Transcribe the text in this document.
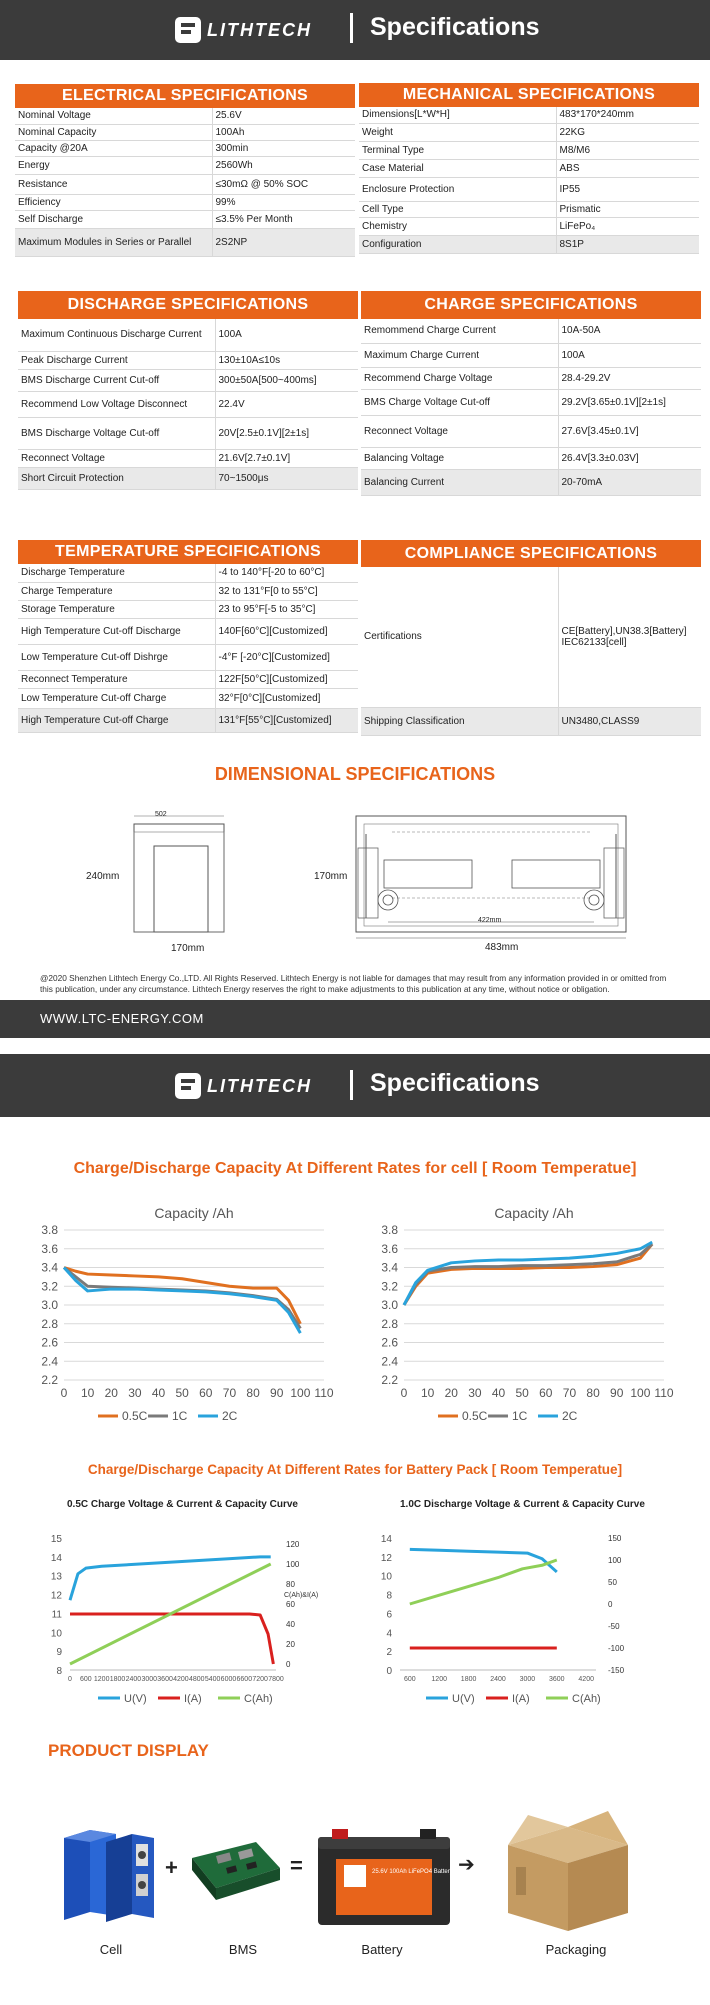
LITHTECH Specifications
ELECTRICAL SPECIFICATIONS
Nominal Voltage	25.6V
Nominal Capacity	100Ah
Capacity @20A	300min
Energy	2560Wh
Resistance	≤30mΩ @ 50% SOC
Efficiency	99%
Self Discharge	≤3.5% Per Month
Maximum Modules in Series or Parallel	2S2NP
MECHANICAL SPECIFICATIONS
Dimensions[L*W*H]	483*170*240mm
Weight	22KG
Terminal Type	M8/M6
Case Material	ABS
Enclosure Protection	IP55
Cell Type	Prismatic
Chemistry	LiFePo₄
Configuration	8S1P
DISCHARGE SPECIFICATIONS
Maximum Continuous Discharge Current	100A
Peak Discharge Current	130±10A≤10s
BMS Discharge Current Cut-off	300±50A[500~400ms]
Recommend Low Voltage Disconnect	22.4V
BMS Discharge Voltage Cut-off	20V[2.5±0.1V][2±1s]
Reconnect Voltage	21.6V[2.7±0.1V]
Short Circuit Protection	70~1500μs
CHARGE SPECIFICATIONS
Remommend Charge Current	10A-50A
Maximum Charge Current	100A
Recommend Charge Voltage	28.4-29.2V
BMS Charge Voltage Cut-off	29.2V[3.65±0.1V][2±1s]
Reconnect Voltage	27.6V[3.45±0.1V]
Balancing Voltage	26.4V[3.3±0.03V]
Balancing Current	20-70mA
TEMPERATURE SPECIFICATIONS
Discharge Temperature	-4 to 140°F[-20 to 60°C]
Charge Temperature	32 to 131°F[0 to 55°C]
Storage Temperature	23 to 95°F[-5 to 35°C]
High Temperature Cut-off Discharge	140F[60°C][Customized]
Low Temperature Cut-off Dishrge	-4°F [-20°C][Customized]
Reconnect Temperature	122F[50°C][Customized]
Low Temperature Cut-off Charge	32°F[0°C][Customized]
High Temperature Cut-off Charge	131°F[55°C][Customized]
COMPLIANCE SPECIFICATIONS
Certifications	CE[Battery],UN38.3[Battery] IEC62133[cell]
Shipping Classification	UN3480,CLASS9
DIMENSIONAL SPECIFICATIONS
502
240mm
170mm
170mm
422mm
483mm
@2020 Shenzhen Lithtech Energy Co.,LTD. All Rights Reserved. Lithtech Energy is not liable for damages that may result from any information provided in or omitted from this publication, under any circumstance. Lithtech Energy reserves the right to make adjustments to this publication at any time, without notice or obligation.
WWW.LTC-ENERGY.COM
LITHTECH Specifications
Charge/Discharge Capacity At Different Rates for cell [ Room Temperatue]
Capacity /Ah
2.2
2.4
2.6
2.8
3.0
3.2
3.4
3.6
3.8
0 10 20 30 40 50 60 70 80 90 100 110
0.5C 1C	2C
Capacity /Ah
2.2
2.4
2.6
2.8
3.0
3.2
3.4
3.6
3.8
0 10 20 30 40 50 60 70 80 90 100 110
0.5C 1C	2C
Charge/Discharge Capacity At Different Rates for Battery Pack [ Room Temperatue]
0.5C Charge Voltage & Current & Capacity Curve	1.0C Discharge Voltage & Current & Capacity Curve
8
9
10
11
12
13
14
15
0
20
40
60
80
100
120
0 600 1200 1800 2400 3000 3600 4200 4800 5400 6000 6600 7200 7800
C(Ah)&I(A)
U(V)	I(A)	C(Ah)
0
2
4
6
8
10
12
14
-150
-100
-50
0
50
100
150
600 1200 1800 2400 3000 3600 4200
U(V)	I(A)	C(Ah)
PRODUCT DISPLAY
+	=	25.6V 100Ah LiFePO4 Battery ➔
Cell	BMS	Battery	Packaging
